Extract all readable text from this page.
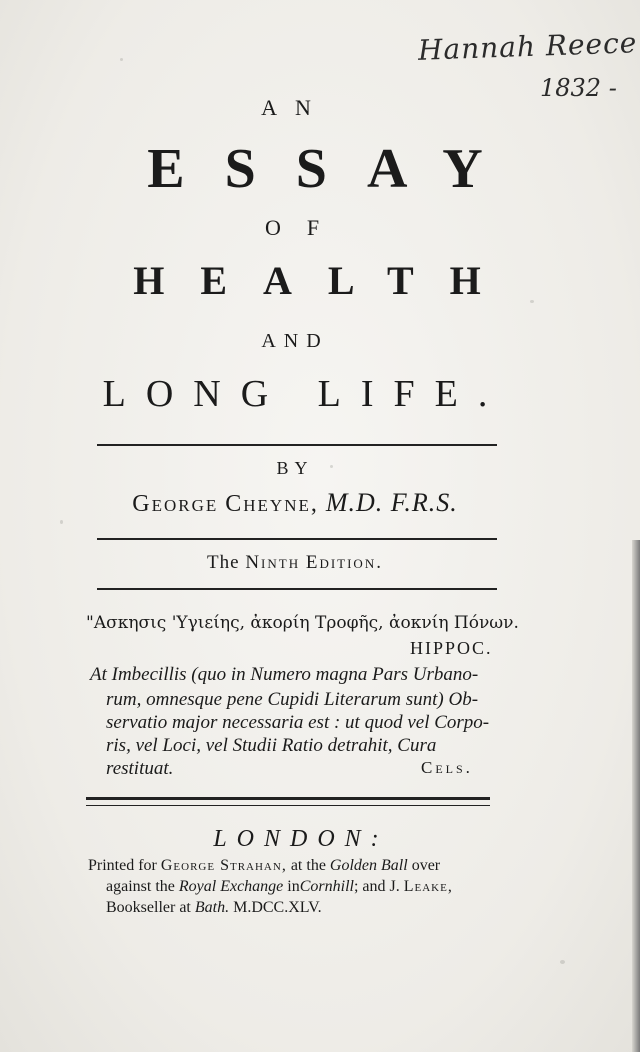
Hannah Reece
1832 -
AN
ESSAY
OF
HEALTH
AND
LONG LIFE.
BY
George Cheyne, M.D. F.R.S.
The Ninth Edition.
"Ασκησις 'Υγιείης, ἀκορίη Τροφῆς, ἀοκνίη Πόνων.
HIPPOC.
At Imbecillis (quo in Numero magna Pars Urbano-
rum, omnesque pene Cupidi Literarum sunt) Ob-
servatio major necessaria est : ut quod vel Corpo-
ris, vel Loci, vel Studii Ratio detrahit, Cura
restituat.	Cels.
LONDON:
Printed for George Strahan, at the Golden Ball over
against the Royal Exchange inCornhill; and J. Leake,
Bookseller at Bath. M.DCC.XLV.
